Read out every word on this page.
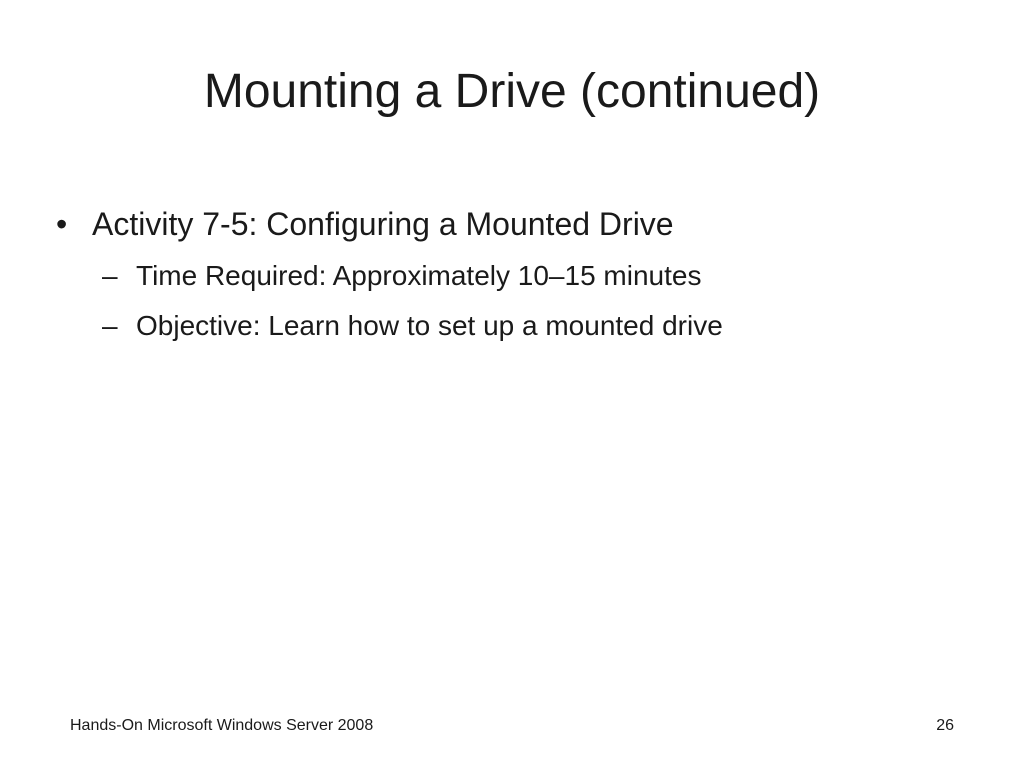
Mounting a Drive (continued)
• Activity 7-5: Configuring a Mounted Drive
– Time Required: Approximately 10–15 minutes
– Objective: Learn how to set up a mounted drive
Hands-On Microsoft Windows Server 2008	26
